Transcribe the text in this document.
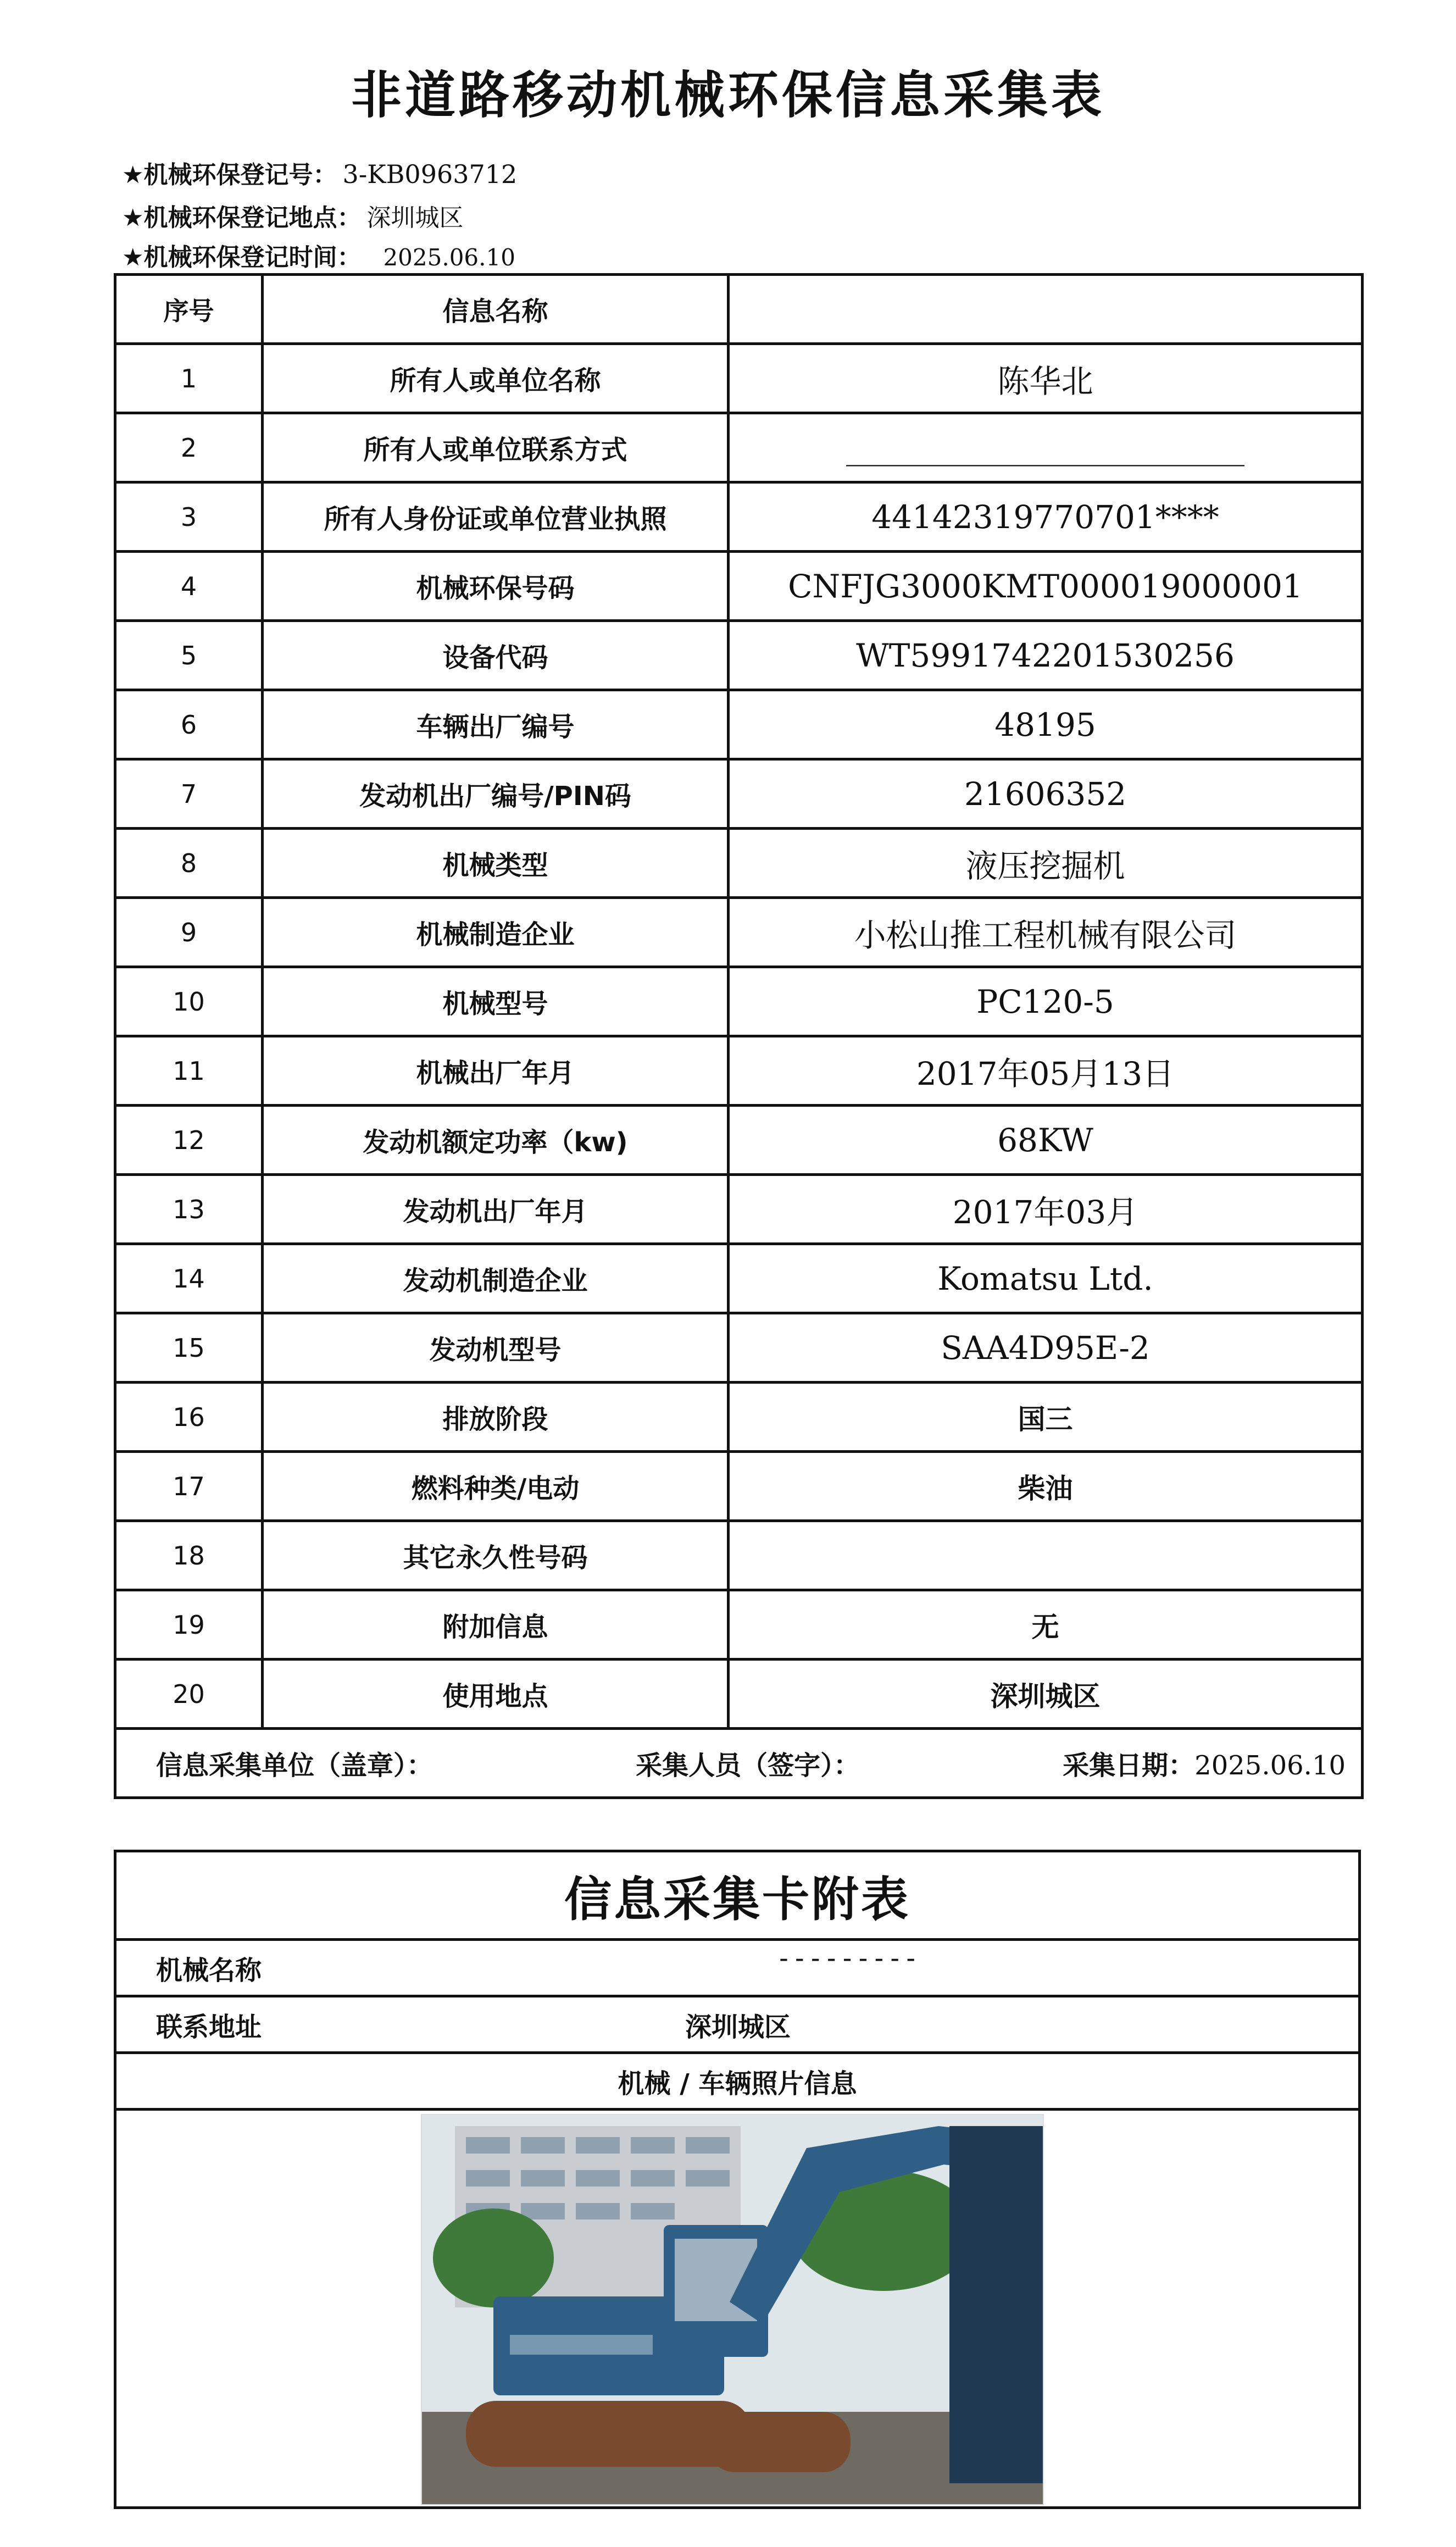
非道路移动机械环保信息采集表
★机械环保登记号： 3-KB0963712
★机械环保登记地点： 深圳城区
★机械环保登记时间： 2025.06.10
序号	信息名称	
1	所有人或单位名称	陈华北
2	所有人或单位联系方式	_________________________
3	所有人身份证或单位营业执照	44142319770701****
4	机械环保号码	CNFJG3000KMT000019000001
5	设备代码	WT5991742201530256
6	车辆出厂编号	48195
7	发动机出厂编号/PIN码	21606352
8	机械类型	液压挖掘机
9	机械制造企业	小松山推工程机械有限公司
10	机械型号	PC120-5
11	机械出厂年月	2017年05月13日
12	发动机额定功率（kw)	68KW
13	发动机出厂年月	2017年03月
14	发动机制造企业	Komatsu Ltd.
15	发动机型号	SAA4D95E-2
16	排放阶段	国三
17	燃料种类/电动	柴油
18	其它永久性号码	
19	附加信息	无
20	使用地点	深圳城区

信息采集单位（盖章）： 采集人员（签字）： 采集日期：2025.06.10		
信息采集卡附表
机械名称	---------
联系地址	深圳城区
机械 / 车辆照片信息
